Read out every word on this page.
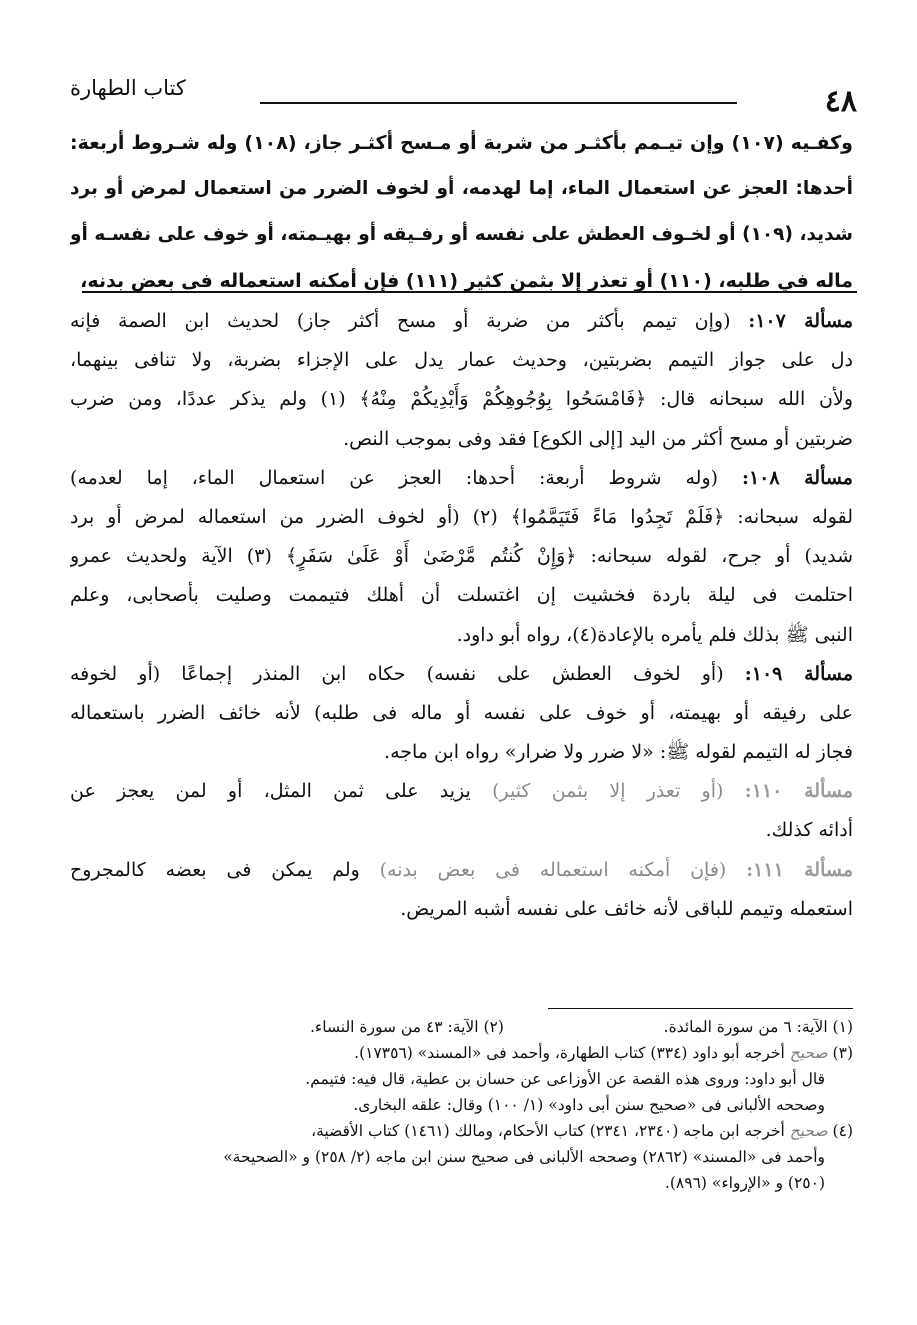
٤٨
كتاب الطهارة
وكفـيه (١٠٧) وإن تيـمم بأكثـر من شربة أو مـسح أكثـر جاز، (١٠٨) وله شـروط أربعة:
أحدها: العجز عن استعمال الماء، إما لهدمه، أو لخوف الضرر من استعمال لمرض أو برد
شديد، (١٠٩) أو لخـوف العطش على نفسه أو رفـيقه أو بهيـمته، أو خوف على نفسـه أو
ماله في طلبه، (١١٠) أو تعذر إلا بثمن كثير (١١١) فإن أمكنه استعماله فى بعض بدنه،
مسألة ١٠٧: (وإن تيمم بأكثر من ضربة أو مسح أكثر جاز) لحديث ابن الصمة فإنه
دل على جواز التيمم بضربتين، وحديث عمار يدل على الإجزاء بضربة، ولا تنافى بينهما،
ولأن الله سبحانه قال: ﴿فَامْسَحُوا بِوُجُوهِكُمْ وَأَيْدِيكُمْ مِنْهُ﴾ (١) ولم يذكر عددًا، ومن ضرب
ضربتين أو مسح أكثر من اليد [إلى الكوع] فقد وفى بموجب النص.
مسألة ١٠٨: (وله شروط أربعة: أحدها: العجز عن استعمال الماء، إما لعدمه)
لقوله سبحانه: ﴿فَلَمْ تَجِدُوا مَاءً فَتَيَمَّمُوا﴾ (٢) (أو لخوف الضرر من استعماله لمرض أو برد
شديد) أو جرح، لقوله سبحانه: ﴿وَإِنْ كُنتُم مَّرْضَىٰ أَوْ عَلَىٰ سَفَرٍ﴾ (٣) الآية ولحديث عمرو
احتلمت فى ليلة باردة فخشيت إن اغتسلت أن أهلك فتيممت وصليت بأصحابى، وعلم
النبى ﷺ بذلك فلم يأمره بالإعادة(٤)، رواه أبو داود.
مسألة ١٠٩: (أو لخوف العطش على نفسه) حكاه ابن المنذر إجماعًا (أو لخوفه
على رفيقه أو بهيمته، أو خوف على نفسه أو ماله فى طلبه) لأنه خائف الضرر باستعماله
فجاز له التيمم لقوله ﷺ: «لا ضرر ولا ضرار» رواه ابن ماجه.
مسألة ١١٠: (أو تعذر إلا بثمن كثير) يزيد على ثمن المثل، أو لمن يعجز عن
أدائه كذلك.
مسألة ١١١: (فإن أمكنه استعماله فى بعض بدنه) ولم يمكن فى بعضه كالمجروح
استعمله وتيمم للباقى لأنه خائف على نفسه أشبه المريض.
(١) الآية: ٦ من سورة المائدة.
(٢) الآية: ٤٣ من سورة النساء.
(٣) صحيح أخرجه أبو داود (٣٣٤) كتاب الطهارة، وأحمد فى «المسند» (١٧٣٥٦).
قال أبو داود: وروى هذه القصة عن الأوزاعى عن حسان بن عطية، قال فيه: فتيمم.
وصححه الألبانى فى «صحيح سنن أبى داود» (١/ ١٠٠) وقال: علقه البخارى.
(٤) صحيح أخرجه ابن ماجه (٢٣٤٠، ٢٣٤١) كتاب الأحكام، ومالك (١٤٦١) كتاب الأقضية،
وأحمد فى «المسند» (٢٨٦٢) وصححه الألبانى فى صحيح سنن ابن ماجه (٢/ ٢٥٨) و «الصحيحة»
(٢٥٠) و «الإرواء» (٨٩٦).
